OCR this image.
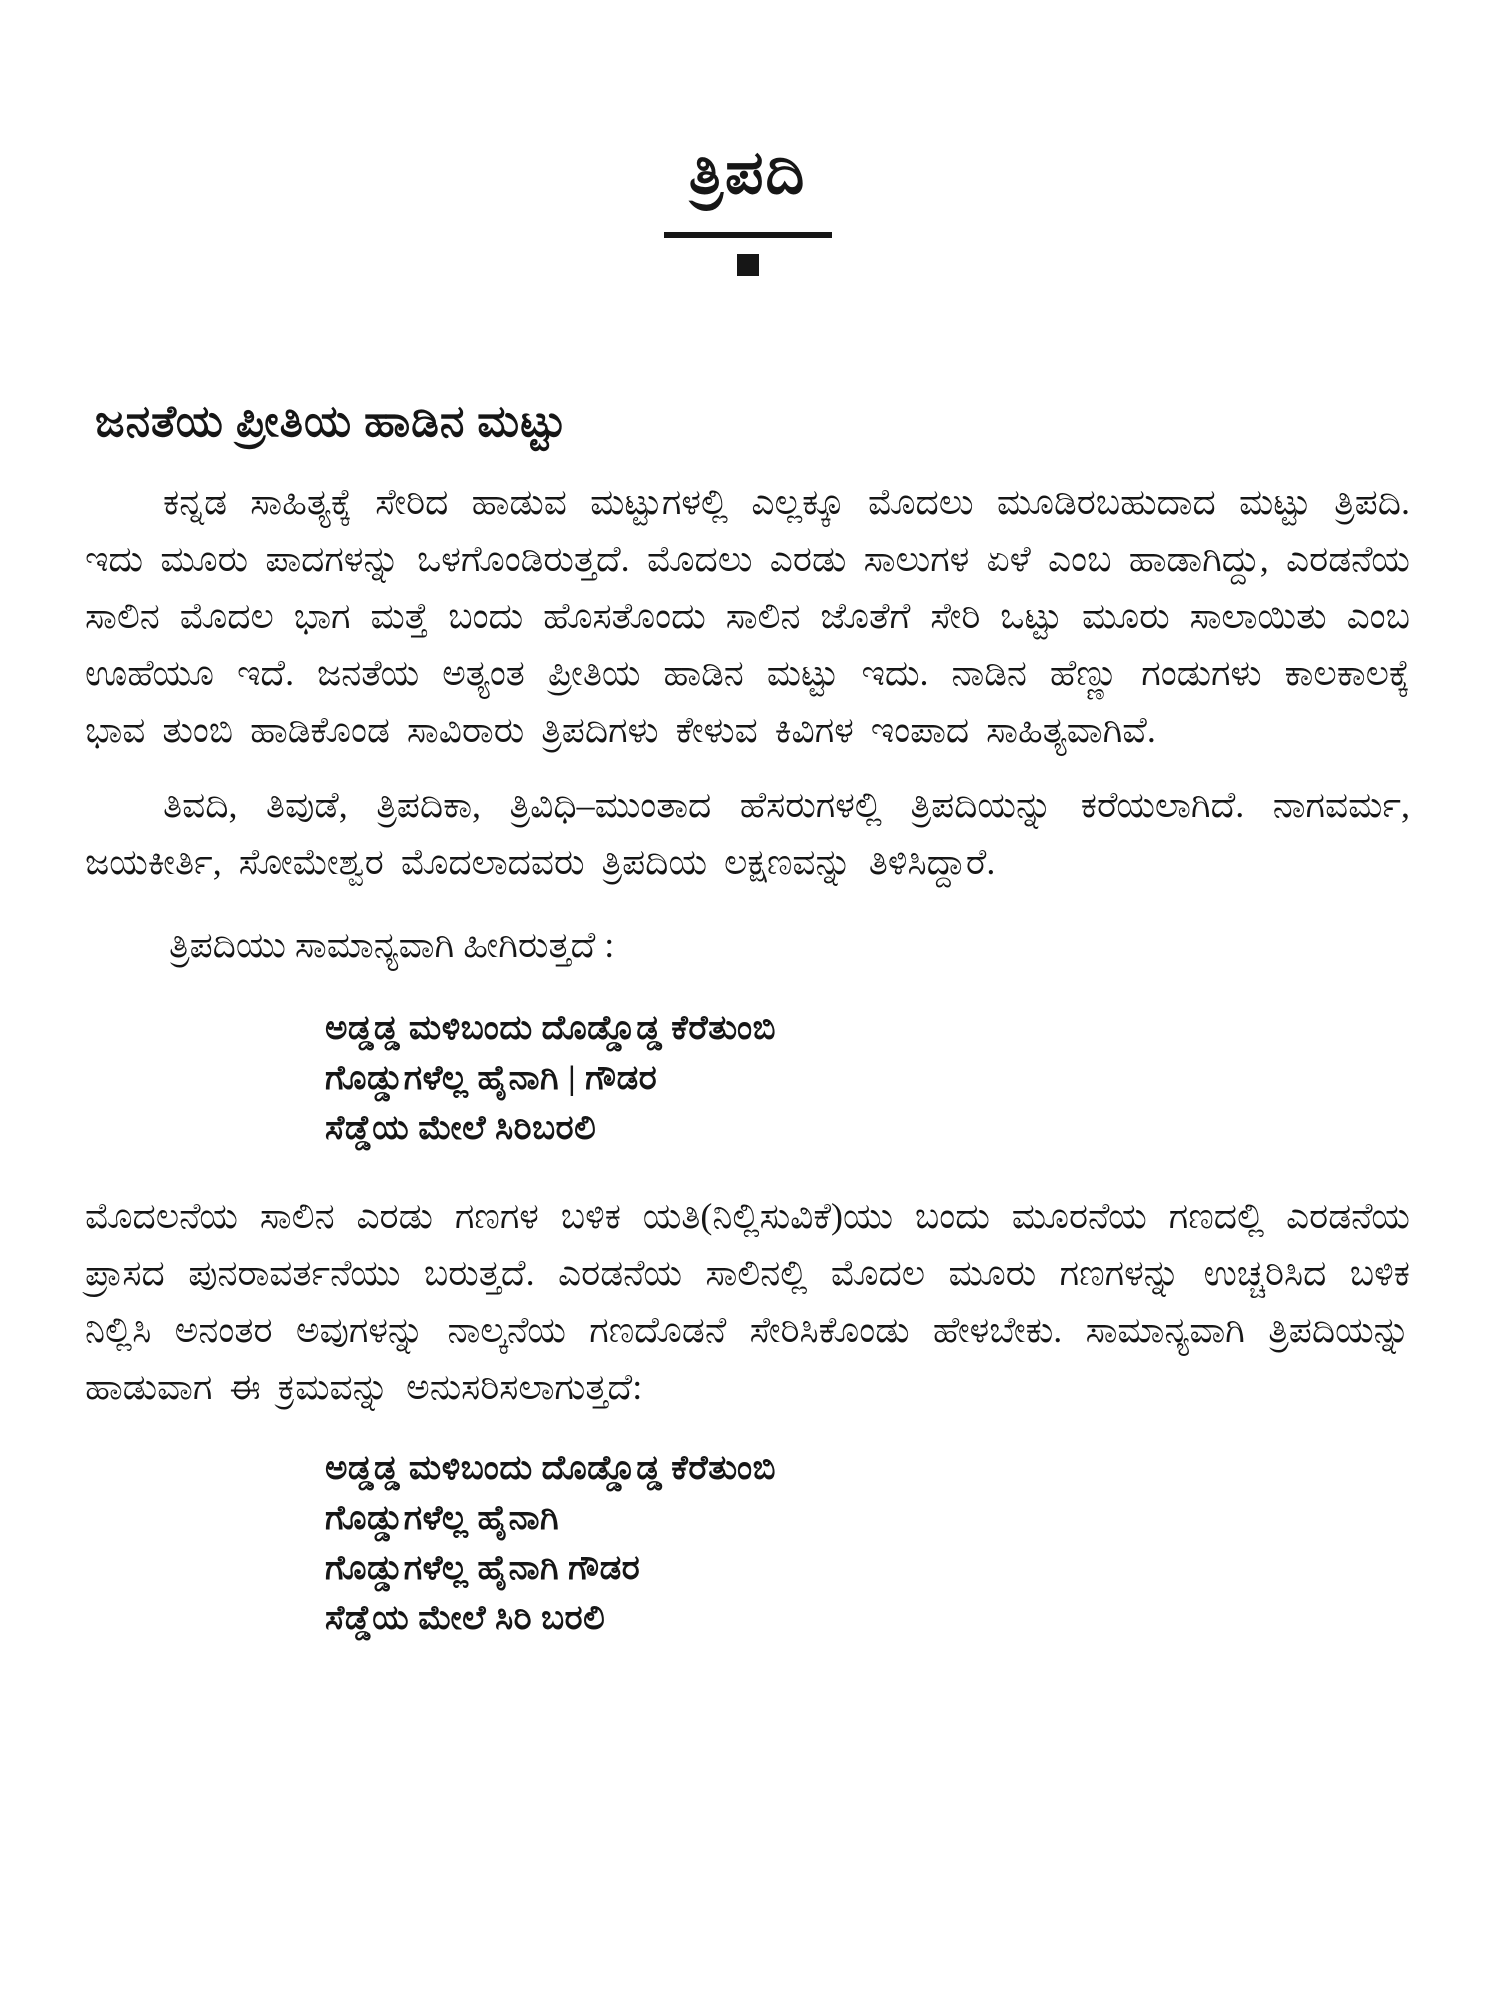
ತ್ರಿಪದಿ
ಜನತೆಯ ಪ್ರೀತಿಯ ಹಾಡಿನ ಮಟ್ಟು

ಕನ್ನಡ ಸಾಹಿತ್ಯಕ್ಕೆ ಸೇರಿದ ಹಾಡುವ ಮಟ್ಟುಗಳಲ್ಲಿ ಎಲ್ಲಕ್ಕೂ ಮೊದಲು ಮೂಡಿರಬಹುದಾದ ಮಟ್ಟು ತ್ರಿಪದಿ. ಇದು ಮೂರು ಪಾದಗಳನ್ನು ಒಳಗೊಂಡಿರುತ್ತದೆ. ಮೊದಲು ಎರಡು ಸಾಲುಗಳ ಏಳೆ ಎಂಬ ಹಾಡಾಗಿದ್ದು, ಎರಡನೆಯ ಸಾಲಿನ ಮೊದಲ ಭಾಗ ಮತ್ತೆ ಬಂದು ಹೊಸತೊಂದು ಸಾಲಿನ ಜೊತೆಗೆ ಸೇರಿ ಒಟ್ಟು ಮೂರು ಸಾಲಾಯಿತು ಎಂಬ ಊಹೆಯೂ ಇದೆ. ಜನತೆಯ ಅತ್ಯಂತ ಪ್ರೀತಿಯ ಹಾಡಿನ ಮಟ್ಟು ಇದು. ನಾಡಿನ ಹೆಣ್ಣು ಗಂಡುಗಳು ಕಾಲಕಾಲಕ್ಕೆ ಭಾವ ತುಂಬಿ ಹಾಡಿಕೊಂಡ ಸಾವಿರಾರು ತ್ರಿಪದಿಗಳು ಕೇಳುವ ಕಿವಿಗಳ ಇಂಪಾದ ಸಾಹಿತ್ಯವಾಗಿವೆ.

ತಿವದಿ, ತಿವುಡೆ, ತ್ರಿಪದಿಕಾ, ತ್ರಿವಿಧಿ–ಮುಂತಾದ ಹೆಸರುಗಳಲ್ಲಿ ತ್ರಿಪದಿಯನ್ನು ಕರೆಯಲಾಗಿದೆ. ನಾಗವರ್ಮ, ಜಯಕೀರ್ತಿ, ಸೋಮೇಶ್ವರ ಮೊದಲಾದವರು ತ್ರಿಪದಿಯ ಲಕ್ಷಣವನ್ನು ತಿಳಿಸಿದ್ದಾರೆ.

ತ್ರಿಪದಿಯು ಸಾಮಾನ್ಯವಾಗಿ ಹೀಗಿರುತ್ತದೆ :

ಅಡ್ಡಡ್ಡ ಮಳಿಬಂದು ದೊಡ್ಡೊಡ್ಡ ಕೆರೆತುಂಬಿ
ಗೊಡ್ಡುಗಳೆಲ್ಲ ಹೈನಾಗಿ | ಗೌಡರ
ಸೆಡ್ಡೆಯ ಮೇಲೆ ಸಿರಿಬರಲಿ

ಮೊದಲನೆಯ ಸಾಲಿನ ಎರಡು ಗಣಗಳ ಬಳಿಕ ಯತಿ(ನಿಲ್ಲಿಸುವಿಕೆ)ಯು ಬಂದು ಮೂರನೆಯ ಗಣದಲ್ಲಿ ಎರಡನೆಯ ಪ್ರಾಸದ ಪುನರಾವರ್ತನೆಯು ಬರುತ್ತದೆ. ಎರಡನೆಯ ಸಾಲಿನಲ್ಲಿ ಮೊದಲ ಮೂರು ಗಣಗಳನ್ನು ಉಚ್ಚರಿಸಿದ ಬಳಿಕ ನಿಲ್ಲಿಸಿ ಅನಂತರ ಅವುಗಳನ್ನು ನಾಲ್ಕನೆಯ ಗಣದೊಡನೆ ಸೇರಿಸಿಕೊಂಡು ಹೇಳಬೇಕು. ಸಾಮಾನ್ಯವಾಗಿ ತ್ರಿಪದಿಯನ್ನು ಹಾಡುವಾಗ ಈ ಕ್ರಮವನ್ನು ಅನುಸರಿಸಲಾಗುತ್ತದೆ:

ಅಡ್ಡಡ್ಡ ಮಳಿಬಂದು ದೊಡ್ಡೊಡ್ಡ ಕೆರೆತುಂಬಿ
ಗೊಡ್ಡುಗಳೆಲ್ಲ ಹೈನಾಗಿ
ಗೊಡ್ಡುಗಳೆಲ್ಲ ಹೈನಾಗಿ ಗೌಡರ
ಸೆಡ್ಡೆಯ ಮೇಲೆ ಸಿರಿ ಬರಲಿ
